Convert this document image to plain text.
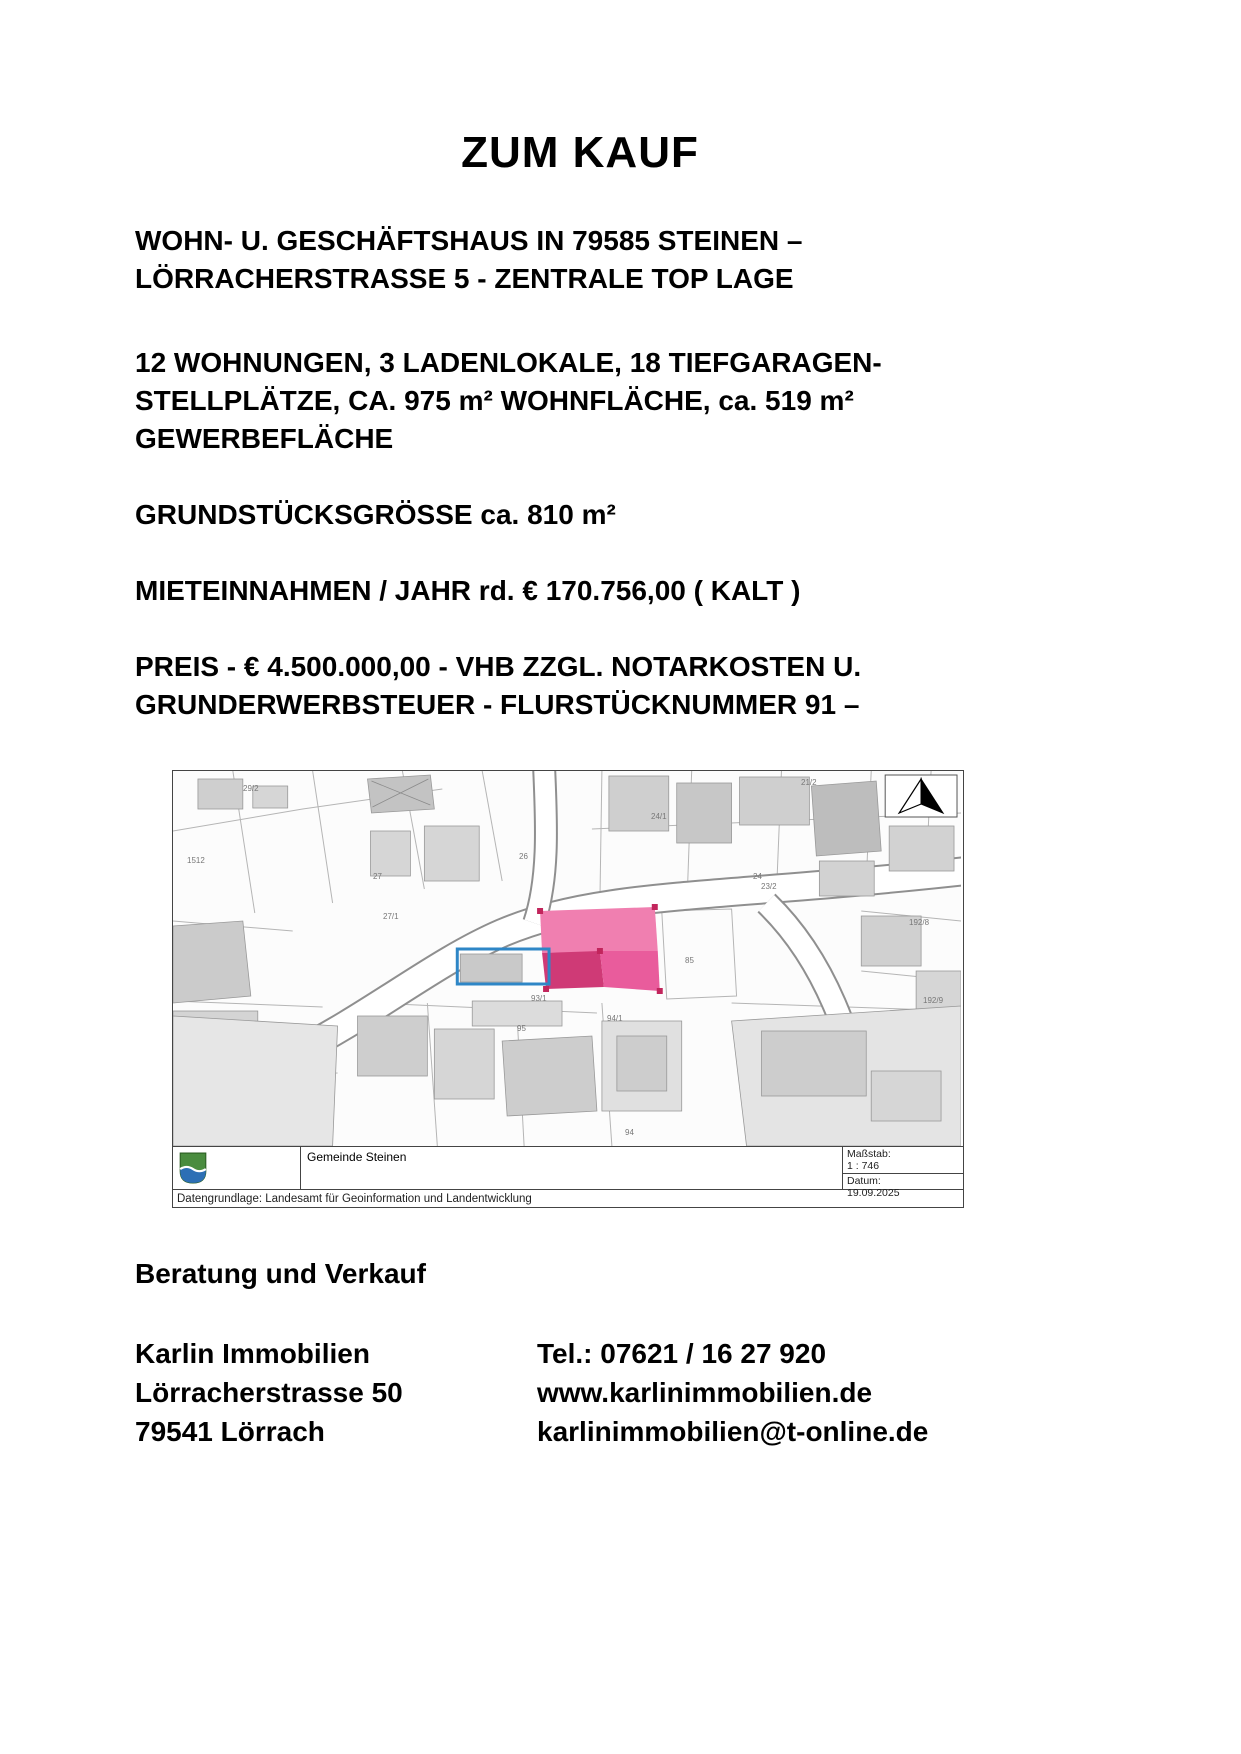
ZUM KAUF
WOHN- U. GESCHÄFTSHAUS IN 79585 STEINEN – LÖRRACHERSTRASSE 5 - ZENTRALE TOP LAGE
12 WOHNUNGEN, 3 LADENLOKALE, 18 TIEFGARAGEN-STELLPLÄTZE, CA. 975 m² WOHNFLÄCHE, ca. 519 m² GEWERBEFLÄCHE
GRUNDSTÜCKSGRÖSSE ca. 810 m²
MIETEINNAHMEN / JAHR rd. € 170.756,00 ( KALT )
PREIS - € 4.500.000,00 - VHB ZZGL. NOTARKOSTEN U. GRUNDERWERBSTEUER - FLURSTÜCKNUMMER 91 –
29/2
1512
27
26
24/1
24
21/2
23/2
27/1
85
93/1
94/1
95
94
192/9
192/8
Gemeinde Steinen	Maßstab:
1 : 746
Datum:
19.09.2025
Datengrundlage: Landesamt für Geoinformation und Landentwicklung
Beratung und Verkauf
Karlin Immobilien
Lörracherstrasse 50
79541 Lörrach
Tel.: 07621 / 16 27 920
www.karlinimmobilien.de
karlinimmobilien@t-online.de
